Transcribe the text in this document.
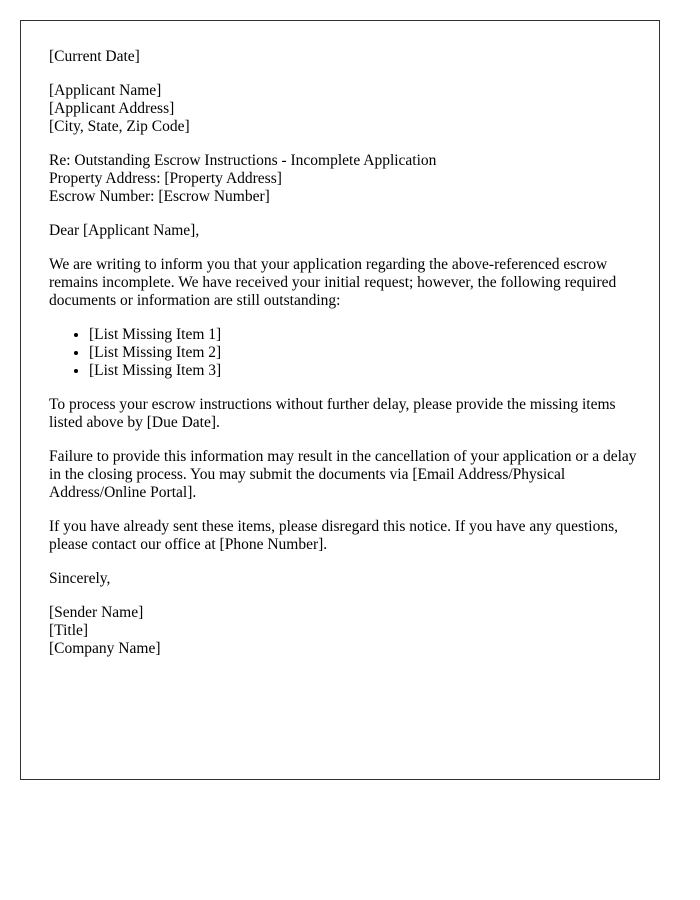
[Current Date]
[Applicant Name]
[Applicant Address]
[City, State, Zip Code]
Re: Outstanding Escrow Instructions - Incomplete Application
Property Address: [Property Address]
Escrow Number: [Escrow Number]

Dear [Applicant Name],

We are writing to inform you that your application regarding the above-referenced escrow remains incomplete. We have received your initial request; however, the following required documents or information are still outstanding:

• [List Missing Item 1]
• [List Missing Item 2]
• [List Missing Item 3]

To process your escrow instructions without further delay, please provide the missing items listed above by [Due Date].

Failure to provide this information may result in the cancellation of your application or a delay in the closing process. You may submit the documents via [Email Address/Physical Address/Online Portal].

If you have already sent these items, please disregard this notice. If you have any questions, please contact our office at [Phone Number].

Sincerely,

[Sender Name]
[Title]
[Company Name]
